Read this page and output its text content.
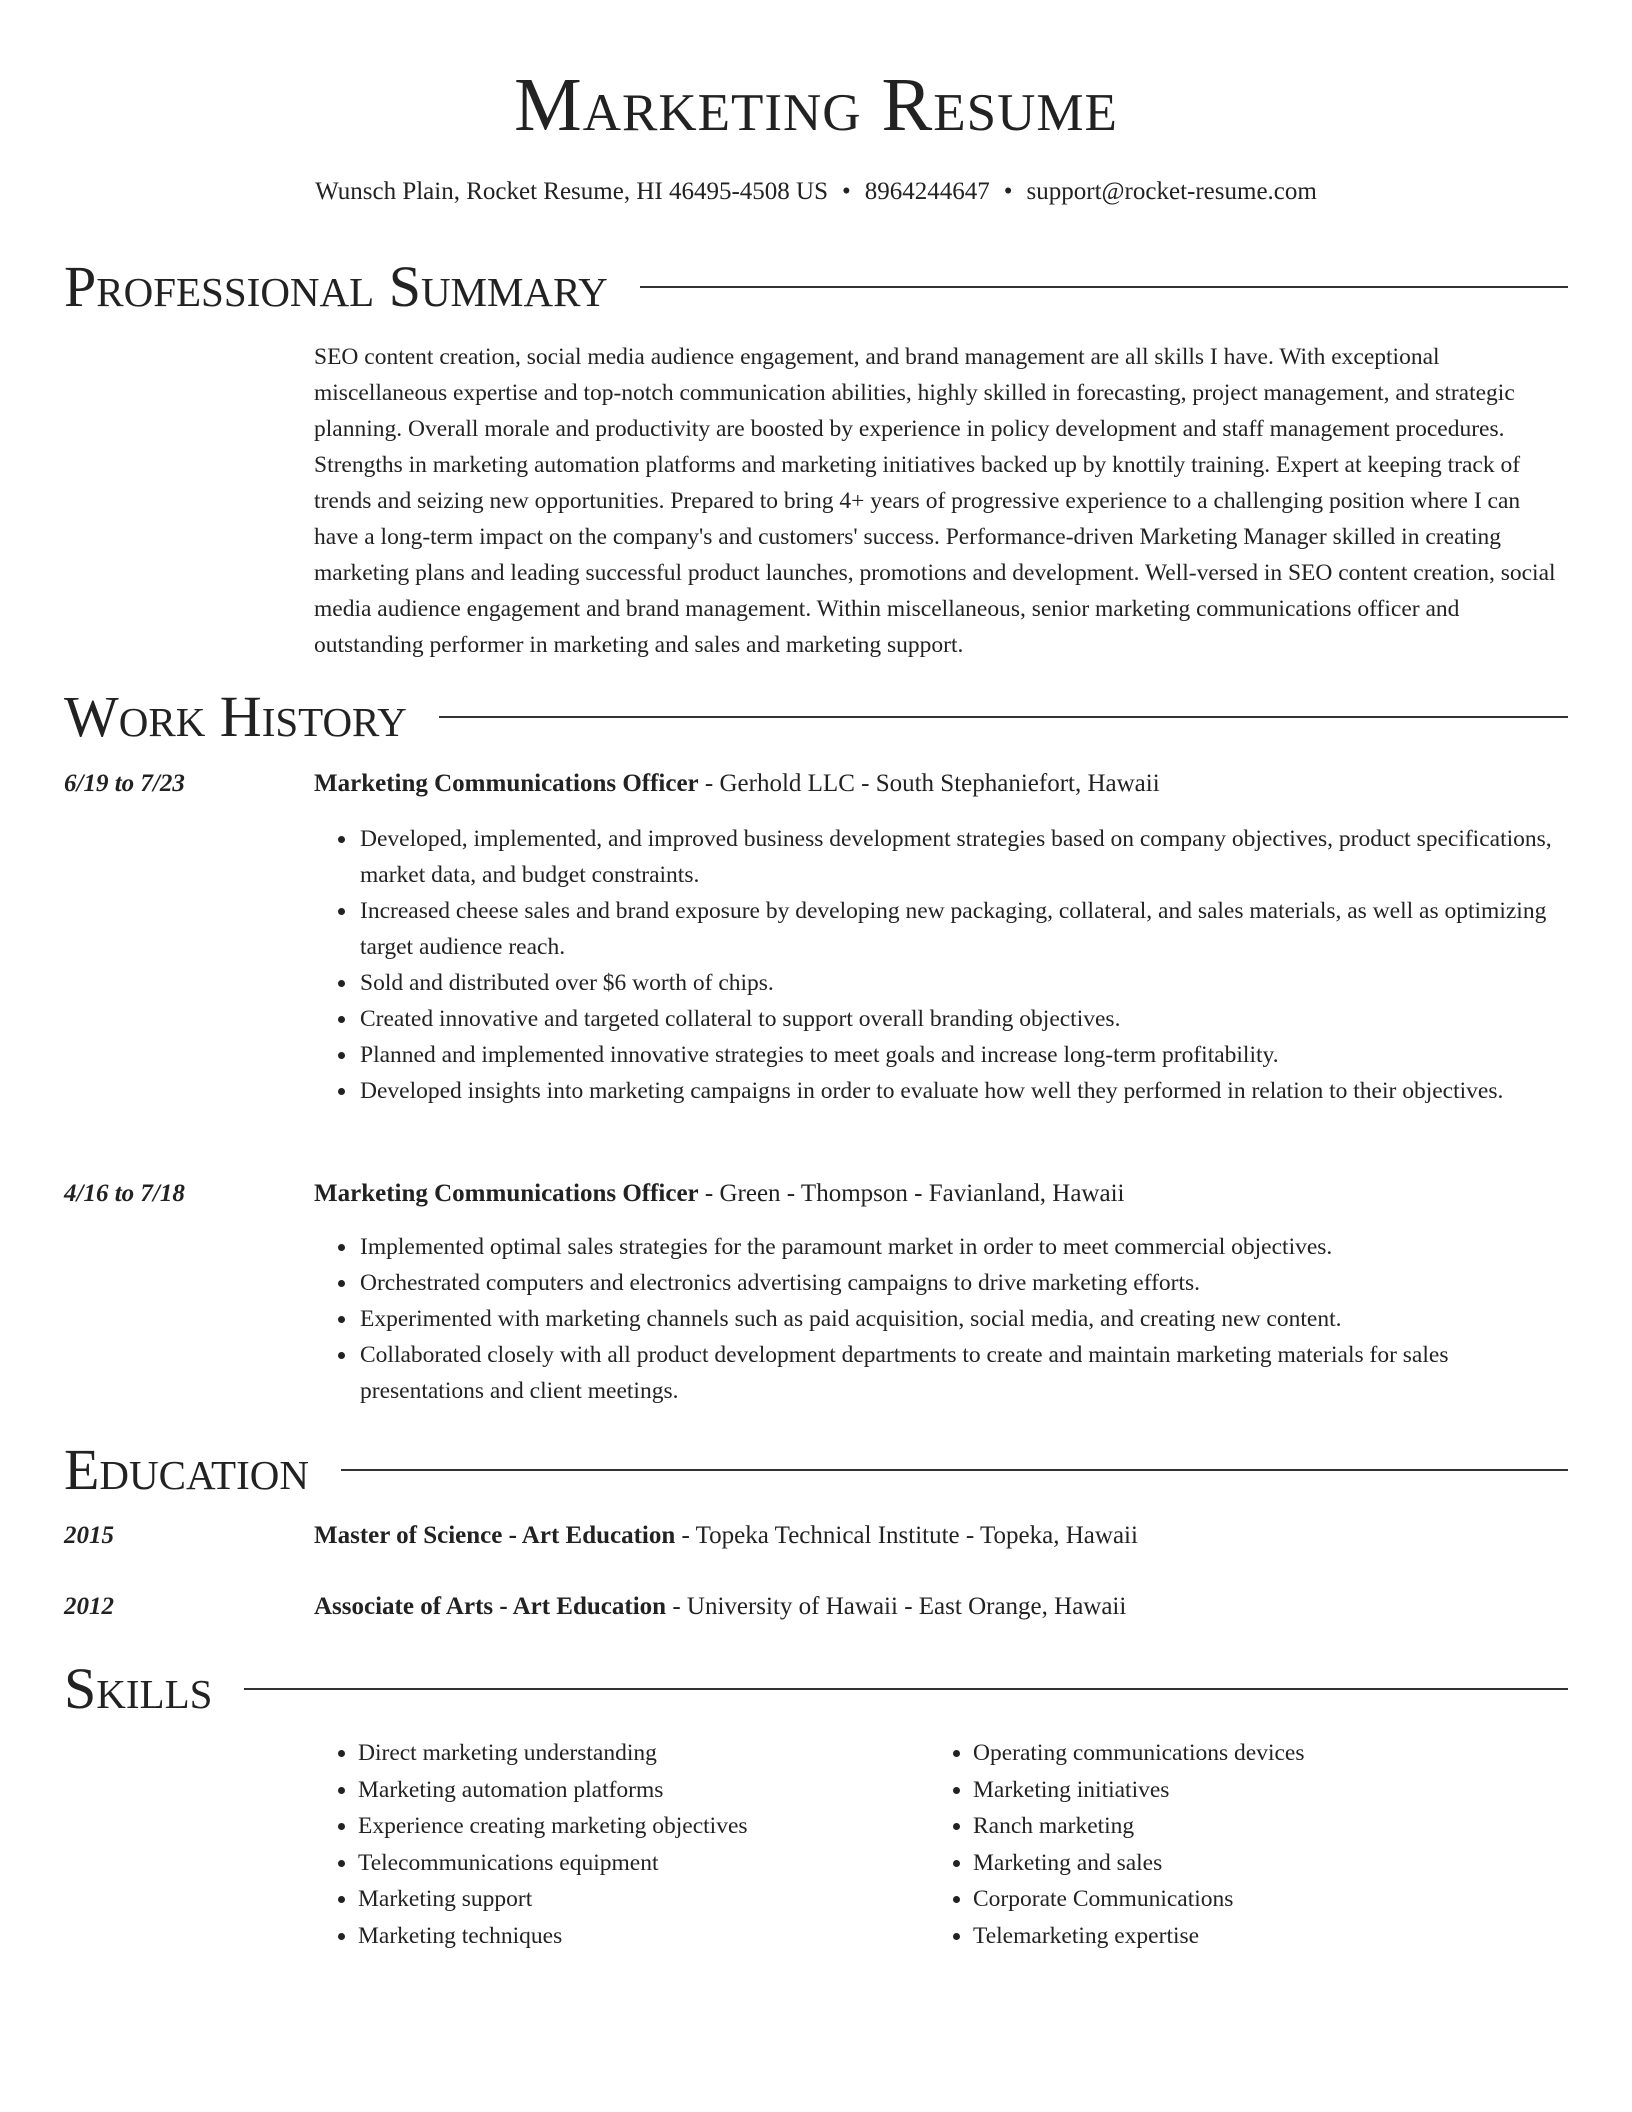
Marketing Resume
Wunsch Plain, Rocket Resume, HI 46495-4508 US • 8964244647 • support@rocket-resume.com
Professional Summary
SEO content creation, social media audience engagement, and brand management are all skills I have. With exceptional miscellaneous expertise and top-notch communication abilities, highly skilled in forecasting, project management, and strategic planning. Overall morale and productivity are boosted by experience in policy development and staff management procedures. Strengths in marketing automation platforms and marketing initiatives backed up by knottily training. Expert at keeping track of trends and seizing new opportunities. Prepared to bring 4+ years of progressive experience to a challenging position where I can have a long-term impact on the company's and customers' success. Performance-driven Marketing Manager skilled in creating marketing plans and leading successful product launches, promotions and development. Well-versed in SEO content creation, social media audience engagement and brand management. Within miscellaneous, senior marketing communications officer and outstanding performer in marketing and sales and marketing support.
Work History
6/19 to 7/23	Marketing Communications Officer - Gerhold LLC - South Stephaniefort, Hawaii
• Developed, implemented, and improved business development strategies based on company objectives, product specifications, market data, and budget constraints.
• Increased cheese sales and brand exposure by developing new packaging, collateral, and sales materials, as well as optimizing target audience reach.
• Sold and distributed over $6 worth of chips.
• Created innovative and targeted collateral to support overall branding objectives.
• Planned and implemented innovative strategies to meet goals and increase long-term profitability.
• Developed insights into marketing campaigns in order to evaluate how well they performed in relation to their objectives.
4/16 to 7/18	Marketing Communications Officer - Green - Thompson - Favianland, Hawaii
• Implemented optimal sales strategies for the paramount market in order to meet commercial objectives.
• Orchestrated computers and electronics advertising campaigns to drive marketing efforts.
• Experimented with marketing channels such as paid acquisition, social media, and creating new content.
• Collaborated closely with all product development departments to create and maintain marketing materials for sales presentations and client meetings.
Education
2015	Master of Science - Art Education - Topeka Technical Institute - Topeka, Hawaii
2012	Associate of Arts - Art Education - University of Hawaii - East Orange, Hawaii
Skills
• Direct marketing understanding
• Marketing automation platforms
• Experience creating marketing objectives
• Telecommunications equipment
• Marketing support
• Marketing techniques
• Operating communications devices
• Marketing initiatives
• Ranch marketing
• Marketing and sales
• Corporate Communications
• Telemarketing expertise
